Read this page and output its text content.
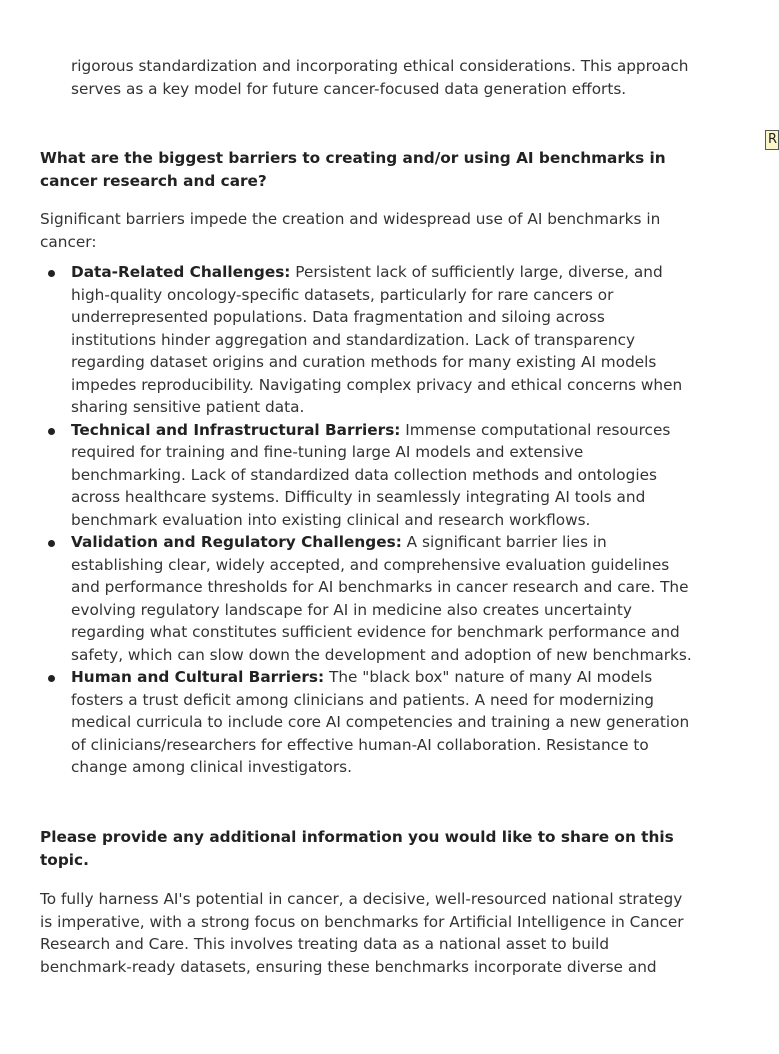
rigorous standardization and incorporating ethical considerations. This approach
serves as a key model for future cancer-focused data generation efforts.
What are the biggest barriers to creating and/or using AI benchmarks in
cancer research and care?
Significant barriers impede the creation and widespread use of AI benchmarks in
cancer:
Data-Related Challenges: Persistent lack of sufficiently large, diverse, and
high-quality oncology-specific datasets, particularly for rare cancers or
underrepresented populations. Data fragmentation and siloing across
institutions hinder aggregation and standardization. Lack of transparency
regarding dataset origins and curation methods for many existing AI models
impedes reproducibility. Navigating complex privacy and ethical concerns when
sharing sensitive patient data.
Technical and Infrastructural Barriers: Immense computational resources
required for training and fine-tuning large AI models and extensive
benchmarking. Lack of standardized data collection methods and ontologies
across healthcare systems. Difficulty in seamlessly integrating AI tools and
benchmark evaluation into existing clinical and research workflows.
Validation and Regulatory Challenges: A significant barrier lies in
establishing clear, widely accepted, and comprehensive evaluation guidelines
and performance thresholds for AI benchmarks in cancer research and care. The
evolving regulatory landscape for AI in medicine also creates uncertainty
regarding what constitutes sufficient evidence for benchmark performance and
safety, which can slow down the development and adoption of new benchmarks.
Human and Cultural Barriers: The "black box" nature of many AI models
fosters a trust deficit among clinicians and patients. A need for modernizing
medical curricula to include core AI competencies and training a new generation
of clinicians/researchers for effective human-AI collaboration. Resistance to
change among clinical investigators.
Please provide any additional information you would like to share on this
topic.
To fully harness AI's potential in cancer, a decisive, well-resourced national strategy
is imperative, with a strong focus on benchmarks for Artificial Intelligence in Cancer
Research and Care. This involves treating data as a national asset to build
benchmark-ready datasets, ensuring these benchmarks incorporate diverse and
R
